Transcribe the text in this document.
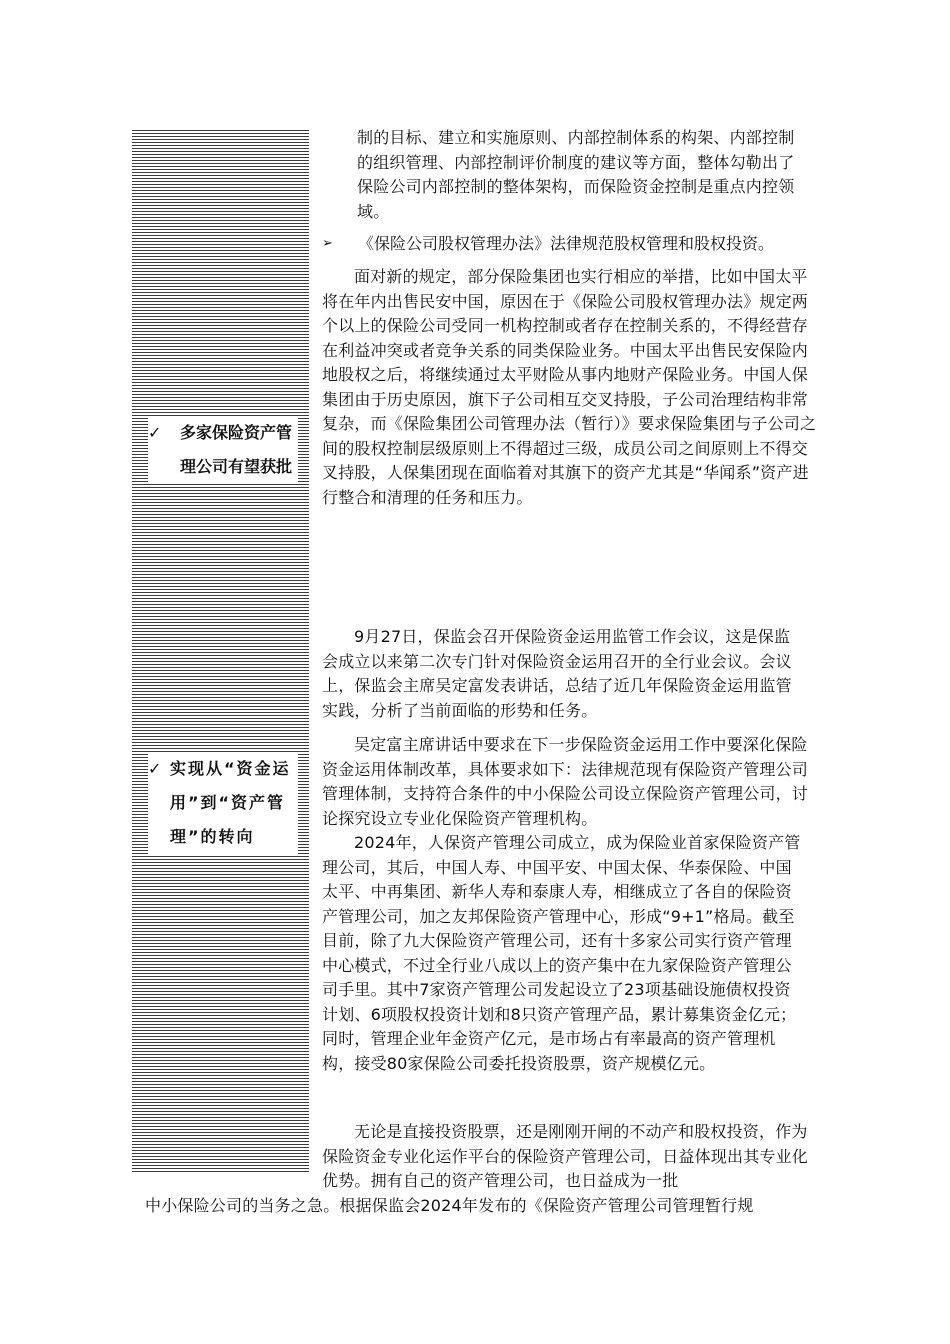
✓	多家保险资产管理公司有望获批
✓ 实现从“资金运用”到“资产管理”的转向

制的目标、建立和实施原则、内部控制体系的构架、内部控制的组织管理、内部控制评价制度的建议等方面，整体勾勒出了保险公司内部控制的整体架构，而保险资金控制是重点内控领域。

➢ 《保险公司股权管理办法》法律规范股权管理和股权投资。

面对新的规定，部分保险集团也实行相应的举措，比如中国太平将在年内出售民安中国，原因在于《保险公司股权管理办法》规定两个以上的保险公司受同一机构控制或者存在控制关系的，不得经营存在利益冲突或者竞争关系的同类保险业务。中国太平出售民安保险内地股权之后，将继续通过太平财险从事内地财产保险业务。中国人保集团由于历史原因，旗下子公司相互交叉持股，子公司治理结构非常复杂，而《保险集团公司管理办法（暂行）》要求保险集团与子公司之间的股权控制层级原则上不得超过三级，成员公司之间原则上不得交叉持股，人保集团现在面临着对其旗下的资产尤其是“华闻系”资产进行整合和清理的任务和压力。

9月27日，保监会召开保险资金运用监管工作会议，这是保监会成立以来第二次专门针对保险资金运用召开的全行业会议。会议上，保监会主席吴定富发表讲话，总结了近几年保险资金运用监管实践，分析了当前面临的形势和任务。

吴定富主席讲话中要求在下一步保险资金运用工作中要深化保险资金运用体制改革，具体要求如下：法律规范现有保险资产管理公司管理体制，支持符合条件的中小保险公司设立保险资产管理公司，讨论探究设立专业化保险资产管理机构。

2024年，人保资产管理公司成立，成为保险业首家保险资产管理公司，其后，中国人寿、中国平安、中国太保、华泰保险、中国太平、中再集团、新华人寿和泰康人寿，相继成立了各自的保险资产管理公司，加之友邦保险资产管理中心，形成“9+1”格局。截至目前，除了九大保险资产管理公司，还有十多家公司实行资产管理中心模式，不过全行业八成以上的资产集中在九家保险资产管理公司手里。其中7家资产管理公司发起设立了23项基础设施债权投资计划、6项股权投资计划和8只资产管理产品，累计募集资金亿元；同时，管理企业年金资产亿元，是市场占有率最高的资产管理机构，接受80家保险公司委托投资股票，资产规模亿元。

无论是直接投资股票，还是刚刚开闸的不动产和股权投资，作为保险资金专业化运作平台的保险资产管理公司，日益体现出其专业化优势。拥有自己的资产管理公司，也日益成为一批

中小保险公司的当务之急。根据保监会2024年发布的《保险资产管理公司管理暂行规
